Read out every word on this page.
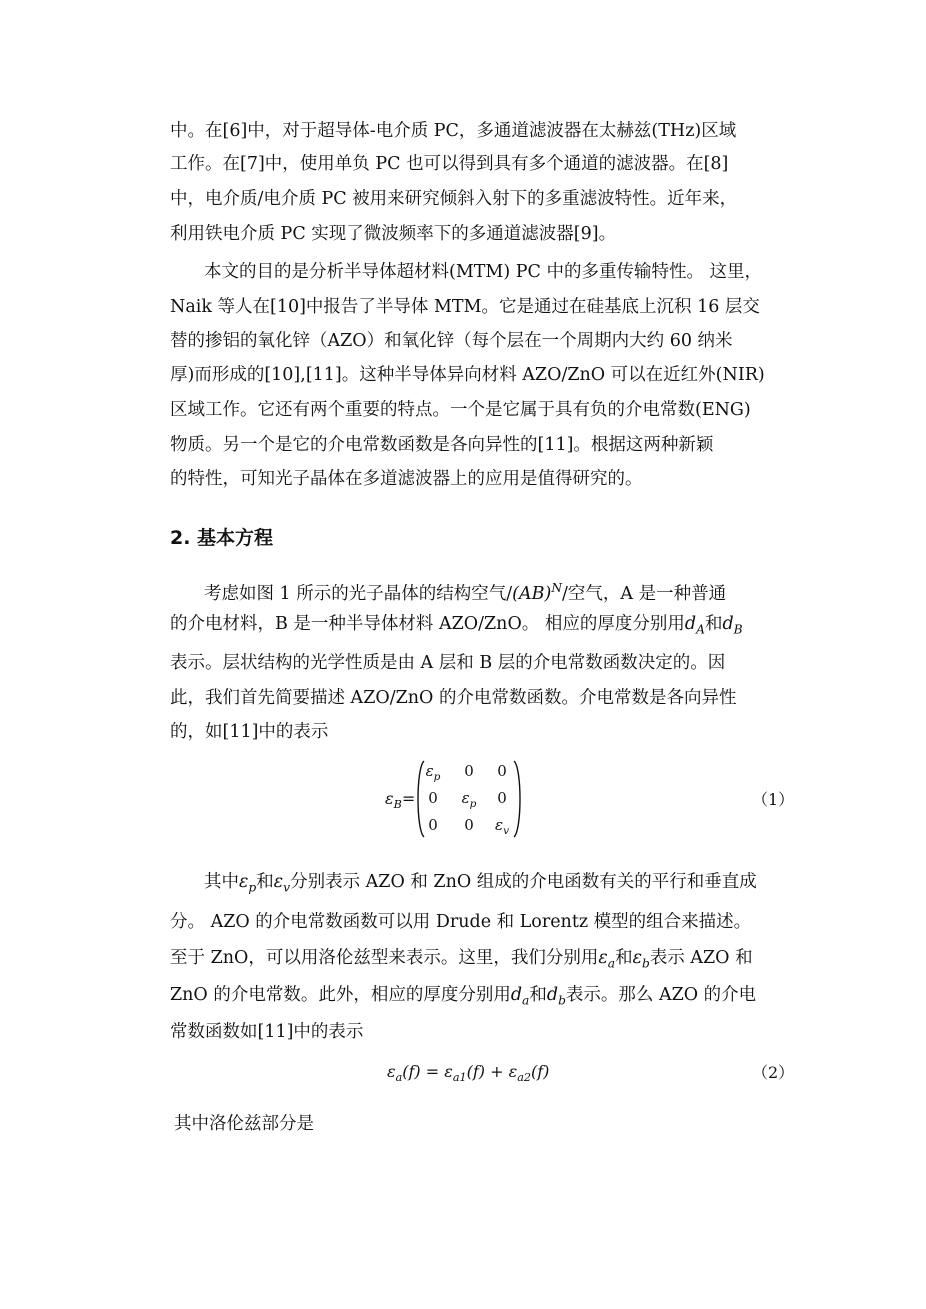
中。在[6]中，对于超导体-电介质 PC，多通道滤波器在太赫兹(THz)区域
工作。在[7]中，使用单负 PC 也可以得到具有多个通道的滤波器。在[8]
中，电介质/电介质 PC 被用来研究倾斜入射下的多重滤波特性。近年来，
利用铁电介质 PC 实现了微波频率下的多通道滤波器[9]。
本文的目的是分析半导体超材料(MTM) PC 中的多重传输特性。 这里，
Naik 等人在[10]中报告了半导体 MTM。它是通过在硅基底上沉积 16 层交
替的掺铝的氧化锌（AZO）和氧化锌（每个层在一个周期内大约 60 纳米
厚)而形成的[10],[11]。这种半导体异向材料 AZO/ZnO 可以在近红外(NIR)
区域工作。它还有两个重要的特点。一个是它属于具有负的介电常数(ENG)
物质。另一个是它的介电常数函数是各向异性的[11]。根据这两种新颖
的特性，可知光子晶体在多道滤波器上的应用是值得研究的。
2. 基本方程
考虑如图 1 所示的光子晶体的结构空气/(AB)$^N$/空气，A 是一种普通
的介电材料，B 是一种半导体材料 AZO/ZnO。 相应的厚度分别用$d_A$和$d_B$
表示。层状结构的光学性质是由 A 层和 B 层的介电常数函数决定的。因
此，我们首先简要描述 AZO/ZnO 的介电常数函数。介电常数是各向异性
的，如[11]中的表示
$\varepsilon_B=$
$\varepsilon_p$	0	0
0	$\varepsilon_p$	0
0	0	$\varepsilon_v$
（1）
其中$\varepsilon_p$和$\varepsilon_v$分别表示 AZO 和 ZnO 组成的介电函数有关的平行和垂直成
分。 AZO 的介电常数函数可以用 Drude 和 Lorentz 模型的组合来描述。
至于 ZnO，可以用洛伦兹型来表示。这里，我们分别用$\varepsilon_a$和$\varepsilon_b$表示 AZO 和
ZnO 的介电常数。此外，相应的厚度分别用$d_a$和$d_b$表示。那么 AZO 的介电
常数函数如[11]中的表示
$\varepsilon_a(f) = \varepsilon_{a1}(f) + \varepsilon_{a2}(f)$	（2）
其中洛伦兹部分是
